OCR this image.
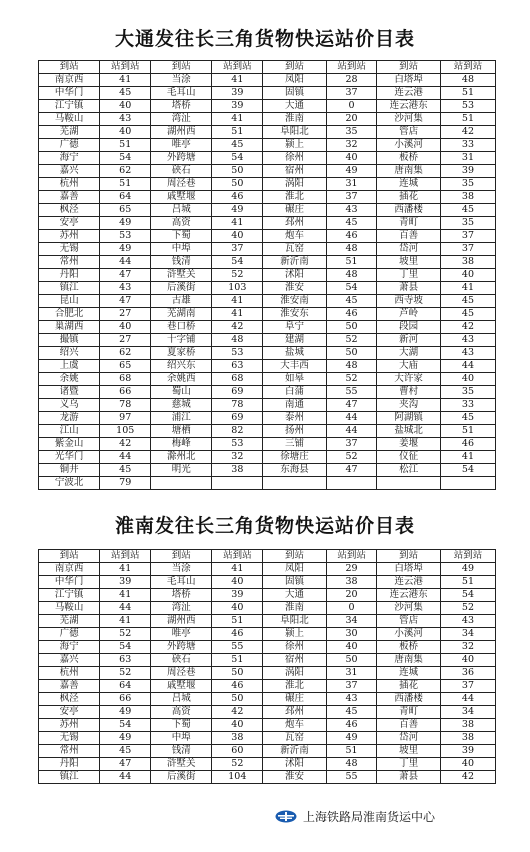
大通发往长三角货物快运站价目表
到站	站到站	到站	站到站	到站	站到站	到站	站到站
南京西	41	当涂	41	凤阳	28	白塔埠	48
中华门	45	毛耳山	39	固镇	37	连云港	51
江宁镇	40	塔桥	39	大通	0	连云港东	53
马鞍山	43	湾沚	41	淮南	20	沙河集	51
芜湖	40	湖州西	51	阜阳北	35	管店	42
广德	51	唯亭	45	颍上	32	小溪河	33
海宁	54	外跨塘	54	徐州	40	板桥	31
嘉兴	62	硖石	50	宿州	49	唐南集	39
杭州	51	周泾巷	50	涡阳	31	连城	35
嘉善	64	戚墅堰	46	淮北	37	插花	38
枫泾	65	吕城	49	碾庄	43	西潘楼	45
安亭	49	高资	41	邳州	45	青町	35
苏州	53	下蜀	40	炮车	46	百善	37
无锡	49	中埠	37	瓦窑	48	岱河	37
常州	44	钱清	54	新沂南	51	坡里	38
丹阳	47	浒墅关	52	沭阳	48	丁里	40
镇江	43	后溪街	103	淮安	54	萧县	41
昆山	47	古雄	41	淮安南	45	西寺坡	45
合肥北	27	芜湖南	41	淮安东	46	芦岭	45
巢湖西	40	巷口桥	42	阜宁	50	段园	42
撮镇	27	十字铺	48	建湖	52	新河	43
绍兴	62	夏家桥	53	盐城	50	大湖	43
上虞	65	绍兴东	63	大丰西	48	大庙	44
余姚	68	余姚西	68	如皋	52	大许家	40
诸暨	66	蜀山	69	白蒲	55	曹村	35
义乌	78	慈城	78	南通	47	夹沟	33
龙游	97	浦江	69	泰州	44	阿湖镇	45
江山	105	塘栖	82	扬州	44	盐城北	51
紫金山	42	梅峰	53	三铺	37	姜堰	46
光华门	44	滁州北	32	徐塘庄	52	仪征	41
铜井	45	明光	38	东海县	47	松江	54
宁波北	79						
淮南发往长三角货物快运站价目表
到站	站到站	到站	站到站	到站	站到站	到站	站到站
南京西	41	当涂	41	凤阳	29	白塔埠	49
中华门	39	毛耳山	40	固镇	38	连云港	51
江宁镇	41	塔桥	39	大通	20	连云港东	54
马鞍山	44	湾沚	40	淮南	0	沙河集	52
芜湖	41	湖州西	51	阜阳北	34	管店	43
广德	52	唯亭	46	颍上	30	小溪河	34
海宁	54	外跨塘	55	徐州	40	板桥	32
嘉兴	63	硖石	51	宿州	50	唐南集	40
杭州	52	周泾巷	50	涡阳	31	连城	36
嘉善	64	戚墅堰	46	淮北	37	插花	37
枫泾	66	吕城	50	碾庄	43	西潘楼	44
安亭	49	高资	42	邳州	45	青町	34
苏州	54	下蜀	40	炮车	46	百善	38
无锡	49	中埠	38	瓦窑	49	岱河	38
常州	45	钱清	60	新沂南	51	坡里	39
丹阳	47	浒墅关	52	沭阳	48	丁里	40
镇江	44	后溪街	104	淮安	55	萧县	42
上海铁路局淮南货运中心
